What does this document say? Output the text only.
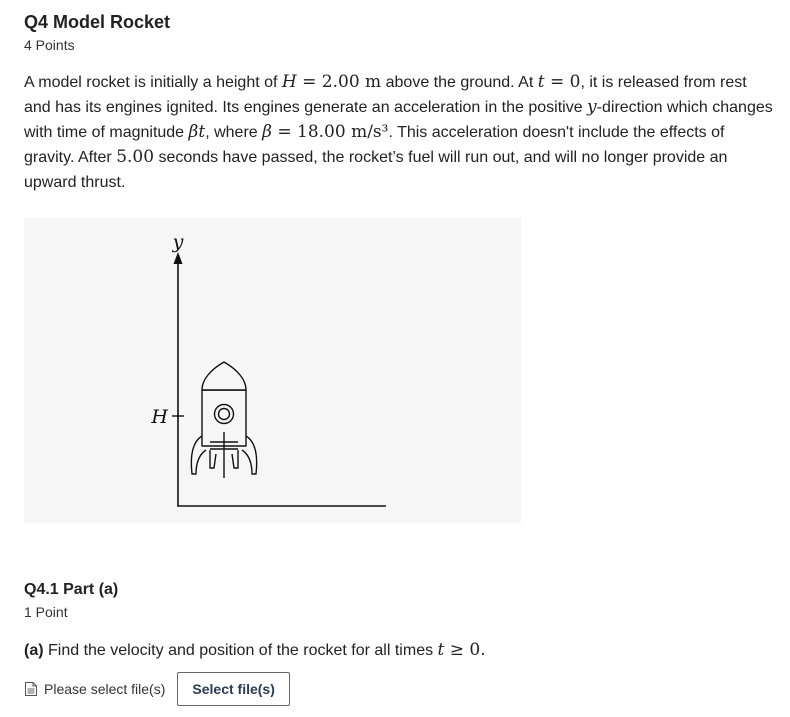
Q4 Model Rocket
4 Points
A model rocket is initially a height of H = 2.00 m above the ground. At t = 0, it is released from rest and has its engines ignited. Its engines generate an acceleration in the positive y-direction which changes with time of magnitude βt, where β = 18.00 m/s³. This acceleration doesn't include the effects of gravity. After 5.00 seconds have passed, the rocket’s fuel will run out, and will no longer provide an upward thrust.
y
H
Q4.1 Part (a)
1 Point
(a) Find the velocity and position of the rocket for all times t ≥ 0.
Please select file(s)	Select file(s)
